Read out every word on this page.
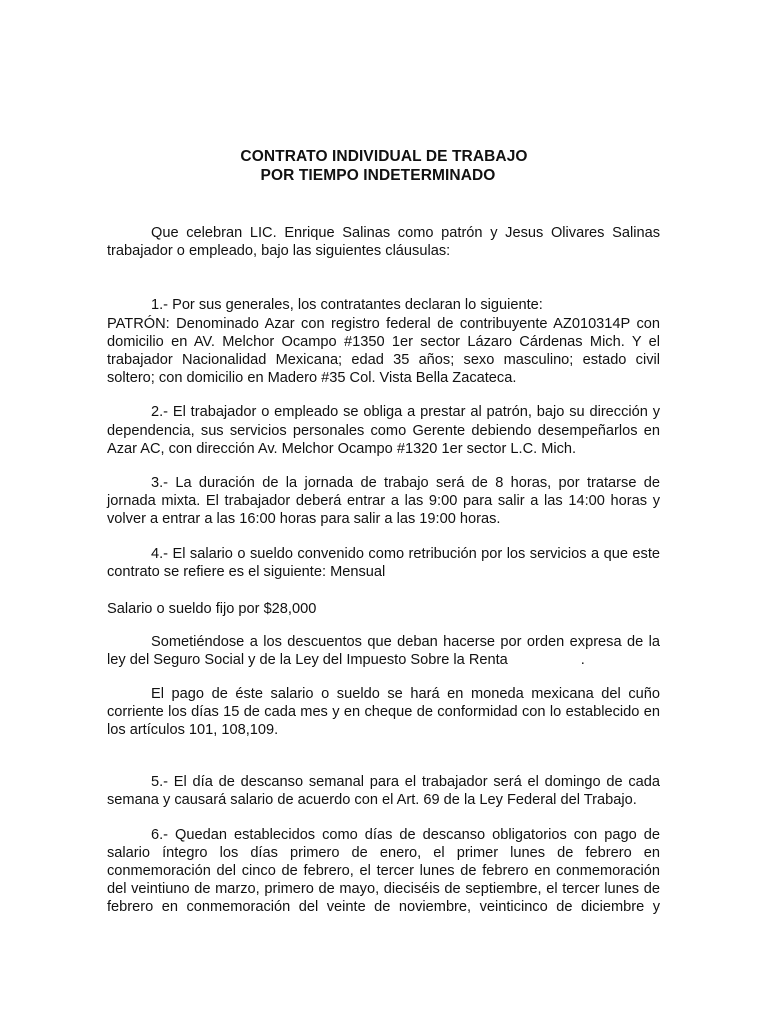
CONTRATO INDIVIDUAL DE TRABAJO
POR TIEMPO INDETERMINADO

Que celebran LIC. Enrique Salinas como patrón y Jesus Olivares Salinas trabajador o empleado, bajo las siguientes cláusulas:

1.- Por sus generales, los contratantes declaran lo siguiente:

PATRÓN: Denominado Azar con registro federal de contribuyente AZ010314P con domicilio en AV. Melchor Ocampo #1350 1er sector Lázaro Cárdenas Mich. Y el trabajador Nacionalidad Mexicana; edad 35 años; sexo masculino; estado civil soltero; con domicilio en Madero #35 Col. Vista Bella Zacateca.

2.- El trabajador o empleado se obliga a prestar al patrón, bajo su dirección y dependencia, sus servicios personales como Gerente debiendo desempeñarlos en Azar AC, con dirección Av. Melchor Ocampo #1320 1er sector L.C. Mich.

3.- La duración de la jornada de trabajo será de 8 horas, por tratarse de jornada mixta. El trabajador deberá entrar a las 9:00 para salir a las 14:00 horas y volver a entrar a las 16:00 horas para salir a las 19:00 horas.

4.- El salario o sueldo convenido como retribución por los servicios a que este contrato se refiere es el siguiente: Mensual

Salario o sueldo fijo por $28,000

Sometiéndose a los descuentos que deban hacerse por orden expresa de la ley del Seguro Social y de la Ley del Impuesto Sobre la Renta                  .

El pago de éste salario o sueldo se hará en moneda mexicana del cuño corriente los días 15 de cada mes y en cheque de conformidad con lo establecido en los artículos 101, 108,109.

5.- El día de descanso semanal para el trabajador será el domingo de cada semana y causará salario de acuerdo con el Art. 69 de la Ley Federal del Trabajo.

6.- Quedan establecidos como días de descanso obligatorios con pago de salario íntegro los días primero de enero, el primer lunes de febrero en conmemoración del cinco de febrero, el tercer lunes de febrero en conmemoración del veintiuno de marzo, primero de mayo, dieciséis de septiembre, el tercer lunes de febrero en conmemoración del veinte de noviembre, veinticinco de diciembre y
